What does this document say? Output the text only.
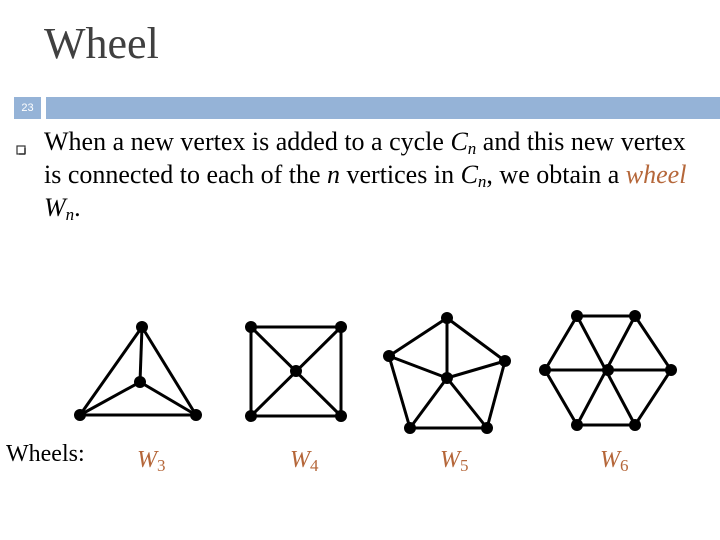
Wheel
23
When a new vertex is added to a cycle $C_n$ and this new vertex is connected to each of the n vertices in $C_n$, we obtain a wheel $W_n$.
Wheels: $W_3$	$W_4$	$W_5$	$W_6$
